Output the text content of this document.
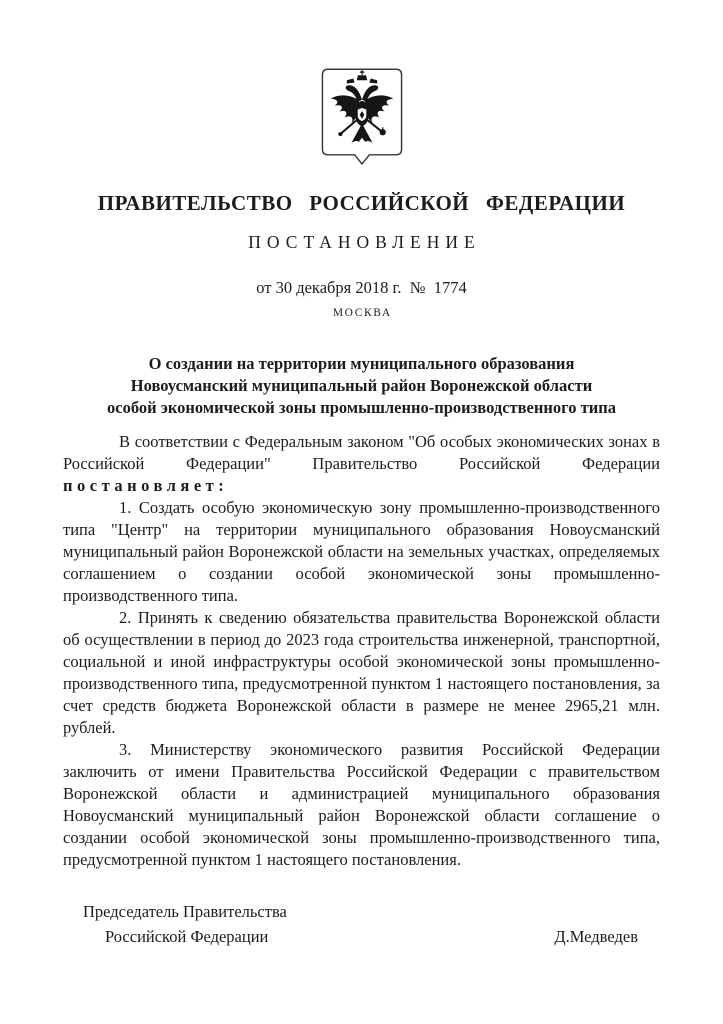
ПРАВИТЕЛЬСТВО РОССИЙСКОЙ ФЕДЕРАЦИИ
ПОСТАНОВЛЕНИЕ
от 30 декабря 2018 г.  №  1774
МОСКВА
О создании на территории муниципального образования
Новоусманский муниципальный район Воронежской области
особой экономической зоны промышленно-производственного типа

В соответствии с Федеральным законом "Об особых экономических зонах в Российской Федерации" Правительство Российской Федерации постановляет:

1. Создать особую экономическую зону промышленно-производственного типа "Центр" на территории муниципального образования Новоусманский муниципальный район Воронежской области на земельных участках, определяемых соглашением о создании особой экономической зоны промышленно-производственного типа.

2. Принять к сведению обязательства правительства Воронежской области об осуществлении в период до 2023 года строительства инженерной, транспортной, социальной и иной инфраструктуры особой экономической зоны промышленно-производственного типа, предусмотренной пунктом 1 настоящего постановления, за счет средств бюджета Воронежской области в размере не менее 2965,21 млн. рублей.

3. Министерству экономического развития Российской Федерации заключить от имени Правительства Российской Федерации с правительством Воронежской области и администрацией муниципального образования Новоусманский муниципальный район Воронежской области соглашение о создании особой экономической зоны промышленно-производственного типа, предусмотренной пунктом 1 настоящего постановления.

Председатель Правительства
Российской Федерации	Д.Медведев
